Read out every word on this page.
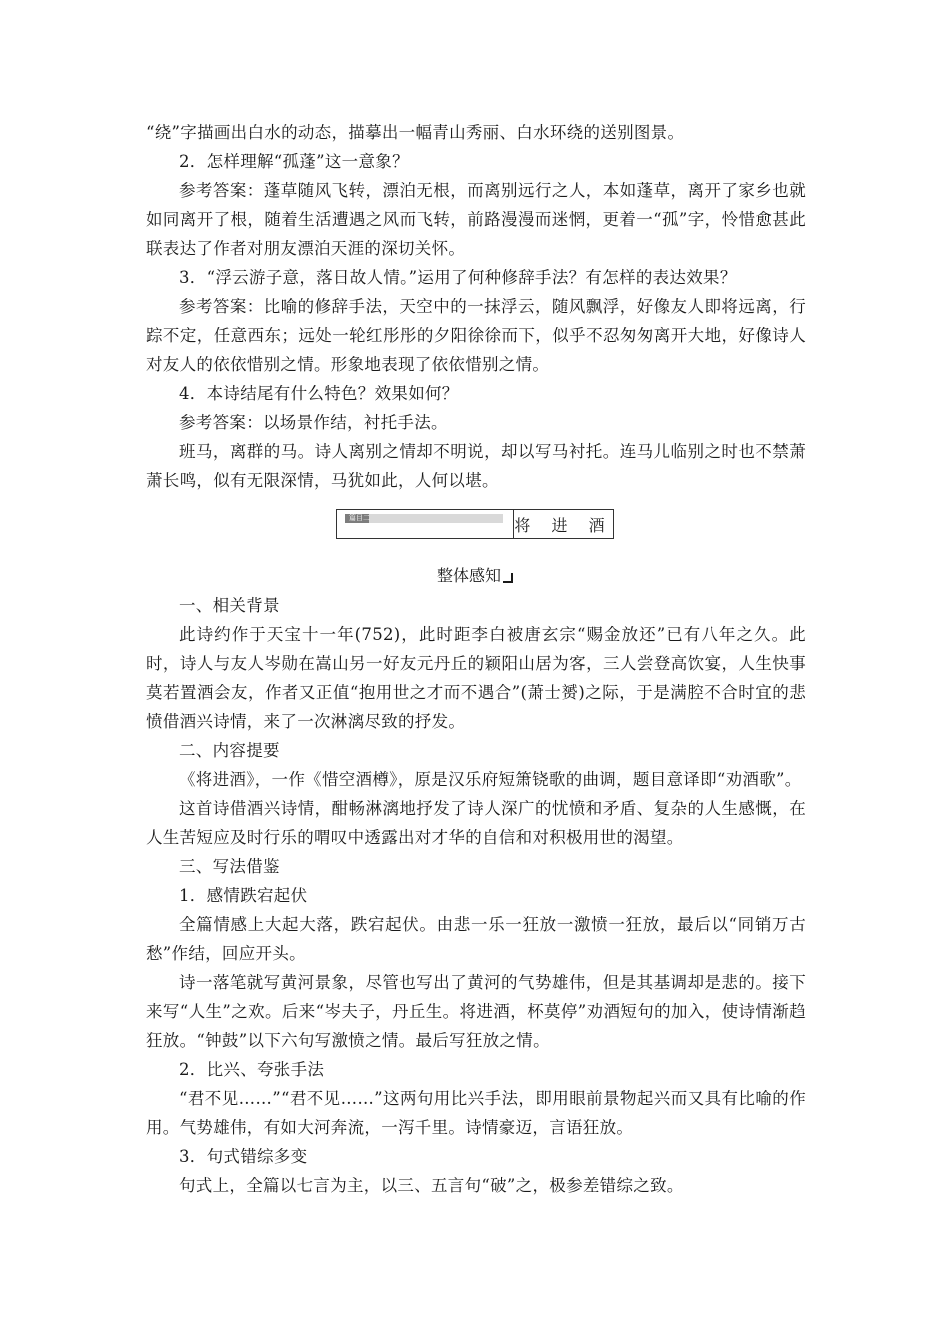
“绕”字描画出白水的动态，描摹出一幅青山秀丽、白水环绕的送别图景。

2．怎样理解“孤蓬”这一意象？

参考答案：蓬草随风飞转，漂泊无根，而离别远行之人，本如蓬草，离开了家乡也就如同离开了根，随着生活遭遇之风而飞转，前路漫漫而迷惘，更着一“孤”字，怜惜愈甚此联表达了作者对朋友漂泊天涯的深切关怀。

3．“浮云游子意，落日故人情。”运用了何种修辞手法？有怎样的表达效果？

参考答案：比喻的修辞手法，天空中的一抹浮云，随风飘浮，好像友人即将远离，行踪不定，任意西东；远处一轮红彤彤的夕阳徐徐而下，似乎不忍匆匆离开大地，好像诗人对友人的依依惜别之情。形象地表现了依依惜别之情。

4．本诗结尾有什么特色？效果如何？

参考答案：以场景作结，衬托手法。

班马，离群的马。诗人离别之情却不明说，却以写马衬托。连马儿临别之时也不禁萧萧长鸣，似有无限深情，马犹如此，人何以堪。

篇目二	将 进 酒
整体感知

一、相关背景

此诗约作于天宝十一年(752)，此时距李白被唐玄宗“赐金放还”已有八年之久。此时，诗人与友人岑勋在嵩山另一好友元丹丘的颖阳山居为客，三人尝登高饮宴，人生快事莫若置酒会友，作者又正值“抱用世之才而不遇合”(萧士赟)之际，于是满腔不合时宜的悲愤借酒兴诗情，来了一次淋漓尽致的抒发。

二、内容提要

《将进酒》，一作《惜空酒樽》，原是汉乐府短箫铙歌的曲调，题目意译即“劝酒歌”。

这首诗借酒兴诗情，酣畅淋漓地抒发了诗人深广的忧愤和矛盾、复杂的人生感慨，在人生苦短应及时行乐的喟叹中透露出对才华的自信和对积极用世的渴望。

三、写法借鉴

1．感情跌宕起伏

全篇情感上大起大落，跌宕起伏。由悲一乐一狂放一激愤一狂放，最后以“同销万古愁”作结，回应开头。

诗一落笔就写黄河景象，尽管也写出了黄河的气势雄伟，但是其基调却是悲的。接下来写“人生”之欢。后来“岑夫子，丹丘生。将进酒，杯莫停”劝酒短句的加入，使诗情渐趋狂放。“钟鼓”以下六句写激愤之情。最后写狂放之情。

2．比兴、夸张手法

“君不见……”“君不见……”这两句用比兴手法，即用眼前景物起兴而又具有比喻的作用。气势雄伟，有如大河奔流，一泻千里。诗情豪迈，言语狂放。

3．句式错综多变

句式上，全篇以七言为主，以三、五言句“破”之，极参差错综之致。
